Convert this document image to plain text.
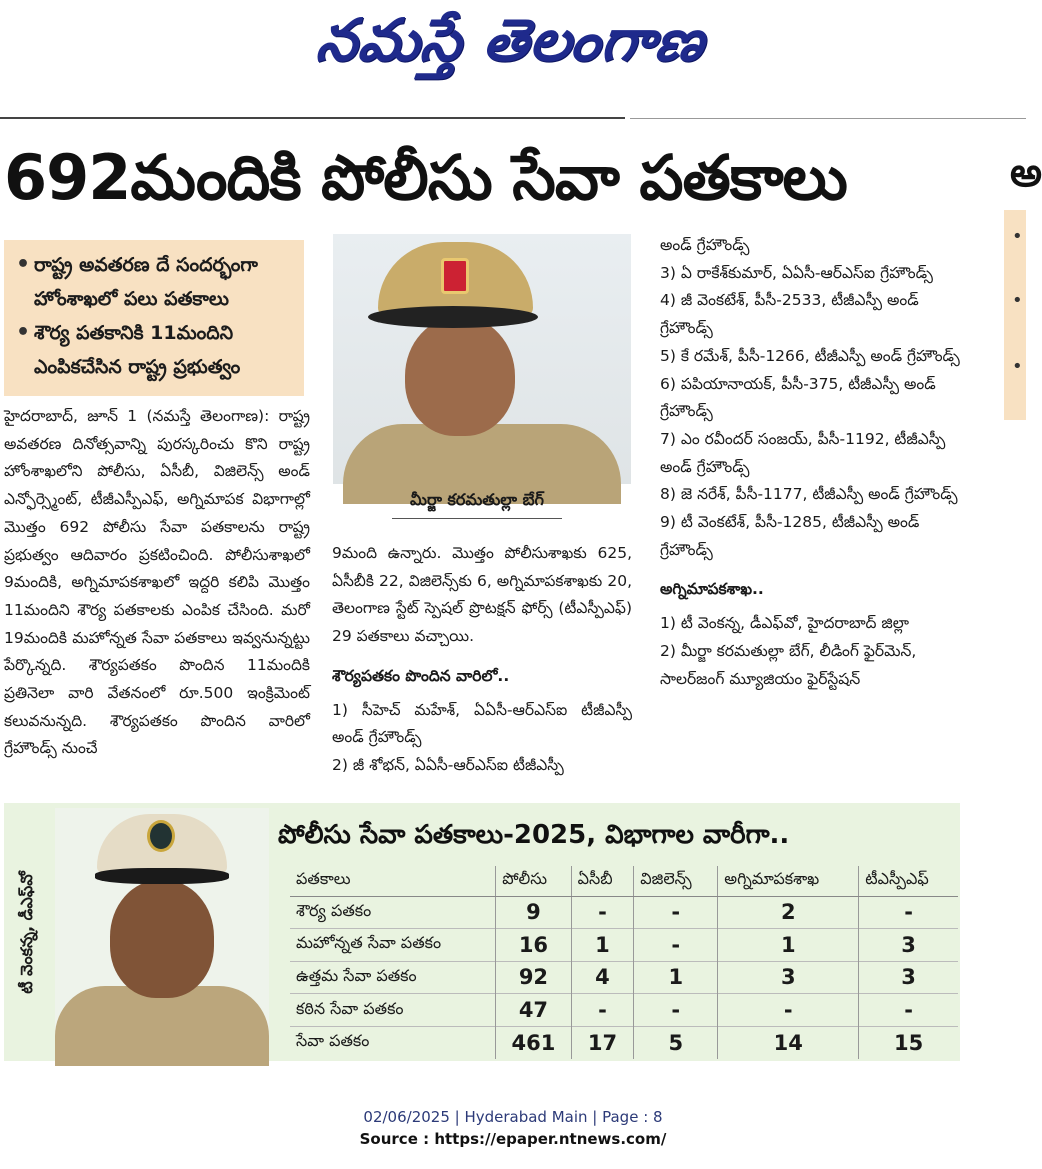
నమస్తే తెలంగాణ
692మందికి పోలీసు సేవా పతకాలు	అ
• రాష్ట్ర అవతరణ దే సందర్భంగా హోంశాఖలో పలు పతకాలు
• శౌర్య పతకానికి 11మందిని ఎంపికచేసిన రాష్ట్ర ప్రభుత్వం
హైదరాబాద్, జూన్ 1 (నమస్తే తెలంగాణ): రాష్ట్ర అవతరణ దినోత్సవాన్ని పురస్కరించు కొని రాష్ట్ర హోంశాఖలోని పోలీసు, ఏసీబీ, విజిలెన్స్ అండ్ ఎన్ఫోర్స్మెంట్, టీజీఎస్పీఎఫ్, అగ్నిమాపక విభాగాల్లో మొత్తం 692 పోలీసు సేవా పతకాలను రాష్ట్ర ప్రభుత్వం ఆదివారం ప్రకటించింది. పోలీసుశాఖలో 9మందికి, అగ్నిమాపకశాఖలో ఇద్దరి కలిపి మొత్తం 11మందిని శౌర్య పతకాలకు ఎంపిక చేసింది. మరో 19మందికి మహోన్నత సేవా పతకాలు ఇవ్వనున్నట్టు పేర్కొన్నది. శౌర్యపతకం పొందిన 11మందికి ప్రతినెలా వారి వేతనంలో రూ.500 ఇంక్రిమెంట్ కలువనున్నది. శౌర్యపతకం పొందిన వారిలో గ్రేహౌండ్స్ నుంచే
మీర్జా కరమతుల్లా బేగ్
9మంది ఉన్నారు. మొత్తం పోలీసుశాఖకు 625, ఏసీబీకి 22, విజిలెన్స్‌కు 6, అగ్నిమాపకశాఖకు 20, తెలంగాణ స్టేట్ స్పెషల్ ప్రొటక్షన్ ఫోర్స్ (టీఎస్పీఎఫ్) 29 పతకాలు వచ్చాయి.
శౌర్యపతకం పొందిన వారిలో..
1) సీహెచ్ మహేశ్, ఏఏసీ-ఆర్ఎస్ఐ టీజీఎస్పీ అండ్ గ్రేహౌండ్స్
2) జీ శోభన్, ఏఏసీ-ఆర్ఎస్ఐ టీజీఎస్పీ
అండ్ గ్రేహౌండ్స్
3) ఏ రాకేశ్‌కుమార్, ఏఏసీ-ఆర్ఎస్ఐ గ్రేహౌండ్స్
4) జీ వెంకటేశ్, పీసీ-2533, టీజీఎస్పీ అండ్ గ్రేహౌండ్స్
5) కే రమేశ్, పీసీ-1266, టీజీఎస్పీ అండ్ గ్రేహౌండ్స్
6) పపియానాయక్, పీసీ-375, టీజీఎస్పీ అండ్ గ్రేహౌండ్స్
7) ఎం రవీందర్ సంజయ్, పీసీ-1192, టీజీఎస్పీ అండ్ గ్రేహౌండ్స్
8) జె నరేశ్, పీసీ-1177, టీజీఎస్పీ అండ్ గ్రేహౌండ్స్
9) టీ వెంకటేశ్, పీసీ-1285, టీజీఎస్పీ అండ్ గ్రేహౌండ్స్
అగ్నిమాపకశాఖ..
1) టీ వెంకన్న, డీఎఫ్‌వో, హైదరాబాద్ జిల్లా
2) మీర్జా కరమతుల్లా బేగ్, లీడింగ్ ఫైర్‌మెన్, సాలర్‌జంగ్ మ్యూజియం ఫైర్‌స్టేషన్
•
•
•
టీ వెంకన్న, డీఎఫ్‌వో
పోలీసు సేవా పతకాలు-2025, విభాగాల వారీగా..
పతకాలు	పోలీసు	ఏసీబీ	విజిలెన్స్	అగ్నిమాపకశాఖ	టీఎస్పీఎఫ్
శౌర్య పతకం	9	-	-	2	-
మహోన్నత సేవా పతకం	16	1	-	1	3
ఉత్తమ సేవా పతకం	92	4	1	3	3
కఠిన సేవా పతకం	47	-	-	-	-
సేవా పతకం	461	17	5	14	15
02/06/2025 | Hyderabad Main | Page : 8
Source : https://epaper.ntnews.com/
